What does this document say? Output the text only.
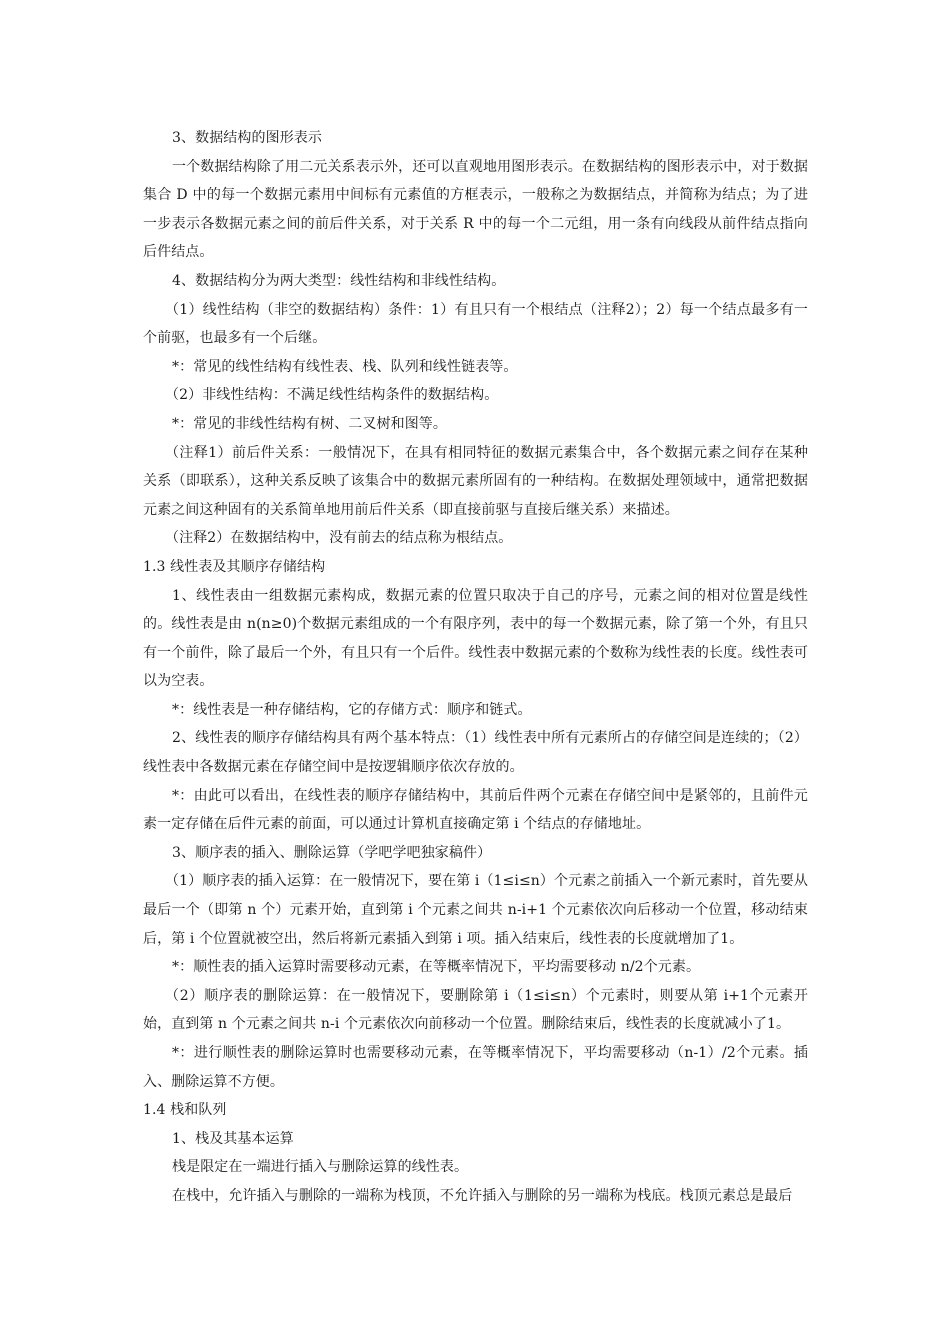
3、数据结构的图形表示

一个数据结构除了用二元关系表示外，还可以直观地用图形表示。在数据结构的图形表示中，对于数据集合 D 中的每一个数据元素用中间标有元素值的方框表示，一般称之为数据结点，并简称为结点；为了进一步表示各数据元素之间的前后件关系，对于关系 R 中的每一个二元组，用一条有向线段从前件结点指向后件结点。

4、数据结构分为两大类型：线性结构和非线性结构。

（1）线性结构（非空的数据结构）条件：1）有且只有一个根结点（注释2）；2）每一个结点最多有一个前驱，也最多有一个后继。

*：常见的线性结构有线性表、栈、队列和线性链表等。

（2）非线性结构：不满足线性结构条件的数据结构。

*：常见的非线性结构有树、二叉树和图等。

（注释1）前后件关系：一般情况下，在具有相同特征的数据元素集合中，各个数据元素之间存在某种关系（即联系），这种关系反映了该集合中的数据元素所固有的一种结构。在数据处理领域中，通常把数据元素之间这种固有的关系简单地用前后件关系（即直接前驱与直接后继关系）来描述。

（注释2）在数据结构中，没有前去的结点称为根结点。

1.3 线性表及其顺序存储结构

1、线性表由一组数据元素构成，数据元素的位置只取决于自己的序号，元素之间的相对位置是线性的。线性表是由 n(n≥0)个数据元素组成的一个有限序列，表中的每一个数据元素，除了第一个外，有且只有一个前件，除了最后一个外，有且只有一个后件。线性表中数据元素的个数称为线性表的长度。线性表可以为空表。

*：线性表是一种存储结构，它的存储方式：顺序和链式。

2、线性表的顺序存储结构具有两个基本特点：（1）线性表中所有元素所占的存储空间是连续的；（2）线性表中各数据元素在存储空间中是按逻辑顺序依次存放的。

*：由此可以看出，在线性表的顺序存储结构中，其前后件两个元素在存储空间中是紧邻的，且前件元素一定存储在后件元素的前面，可以通过计算机直接确定第 i 个结点的存储地址。

3、顺序表的插入、删除运算（学吧学吧独家稿件）

（1）顺序表的插入运算：在一般情况下，要在第 i（1≤i≤n）个元素之前插入一个新元素时，首先要从最后一个（即第 n 个）元素开始，直到第 i 个元素之间共 n-i+1 个元素依次向后移动一个位置，移动结束后，第 i 个位置就被空出，然后将新元素插入到第 i 项。插入结束后，线性表的长度就增加了1。

*：顺性表的插入运算时需要移动元素，在等概率情况下，平均需要移动 n/2个元素。

（2）顺序表的删除运算：在一般情况下，要删除第 i（1≤i≤n）个元素时，则要从第 i+1个元素开始，直到第 n 个元素之间共 n-i 个元素依次向前移动一个位置。删除结束后，线性表的长度就减小了1。

*：进行顺性表的删除运算时也需要移动元素，在等概率情况下，平均需要移动（n-1）/2个元素。插入、删除运算不方便。

1.4 栈和队列

1、栈及其基本运算

栈是限定在一端进行插入与删除运算的线性表。

在栈中，允许插入与删除的一端称为栈顶，不允许插入与删除的另一端称为栈底。栈顶元素总是最后
